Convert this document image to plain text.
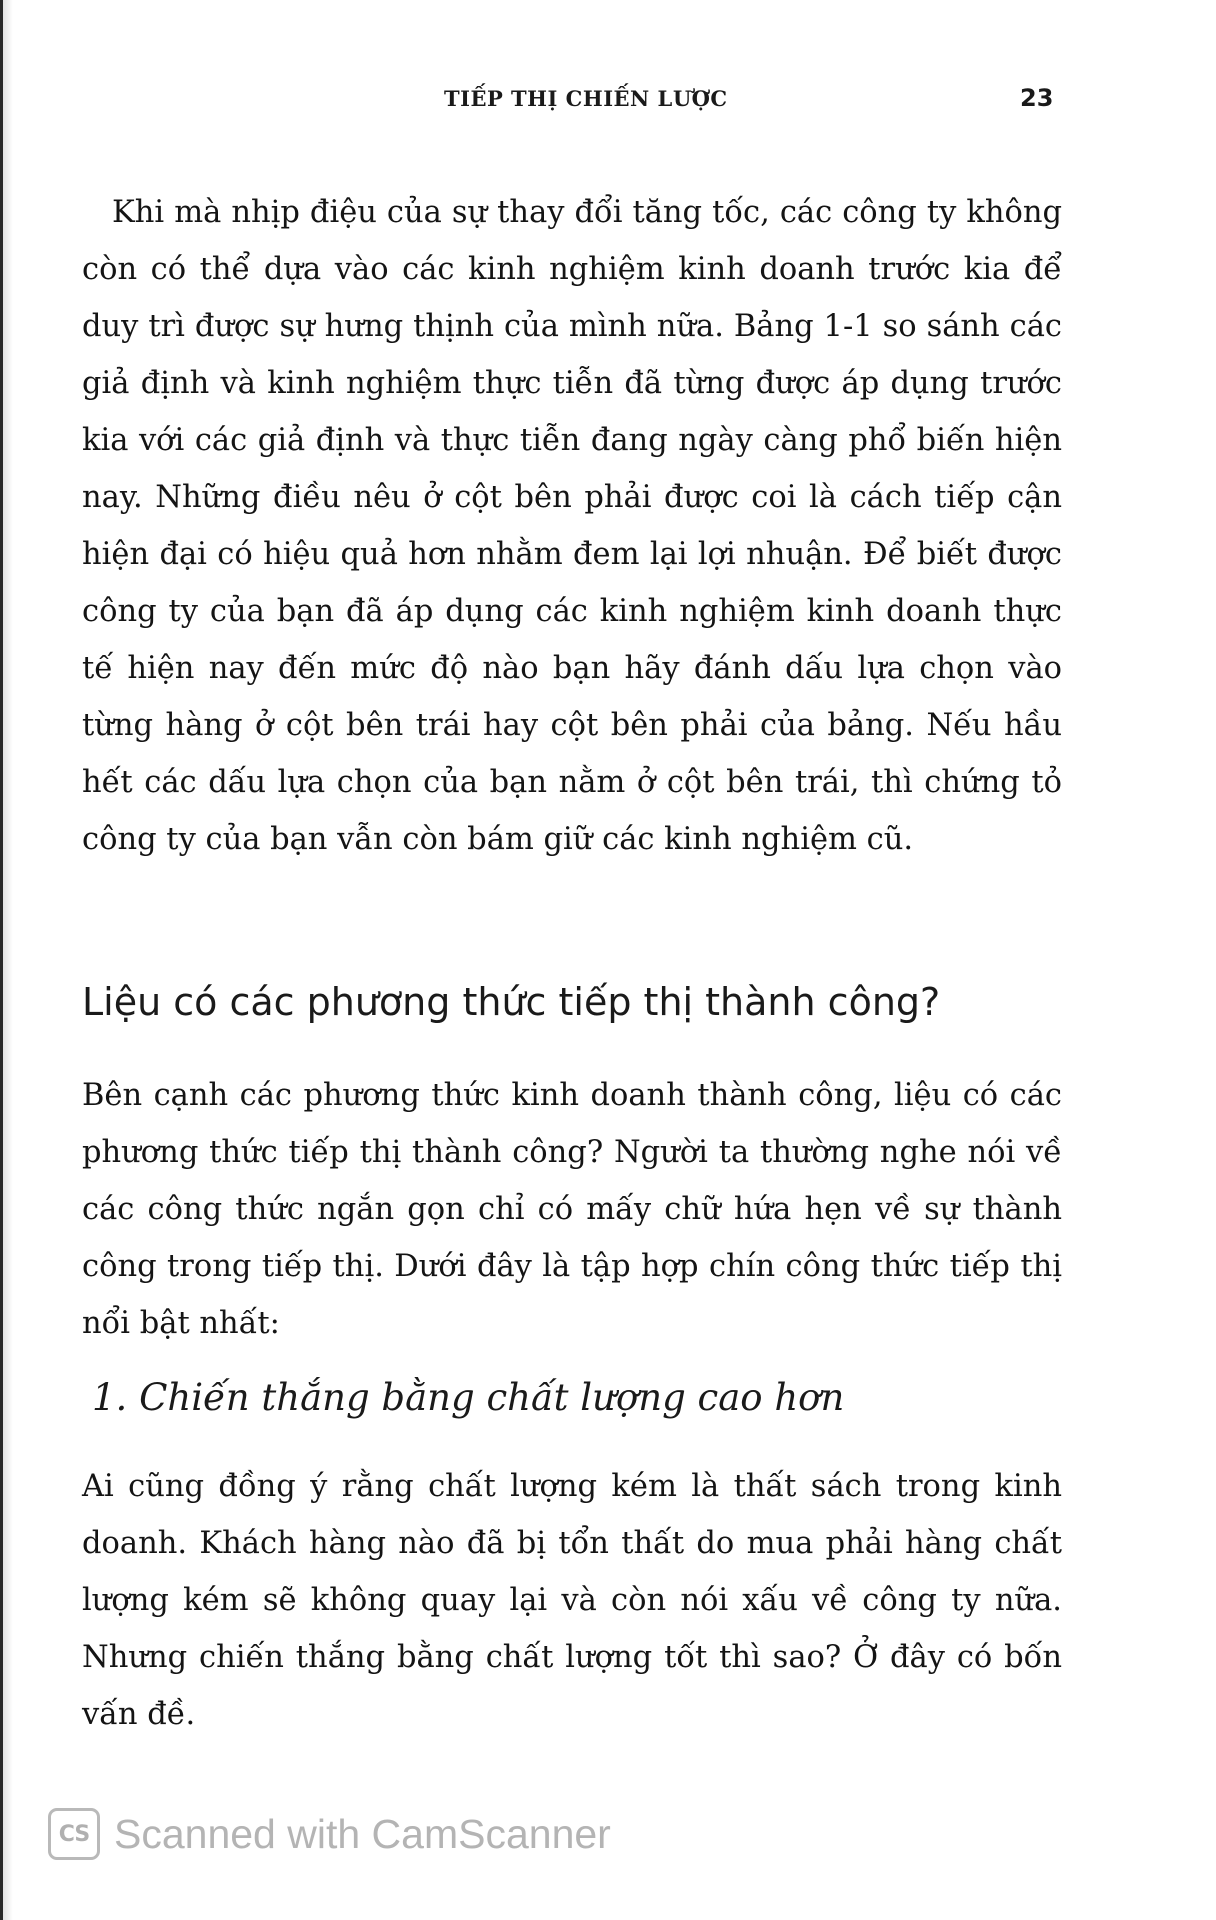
TIẾP THỊ CHIẾN LƯỢC	23

Khi mà nhịp điệu của sự thay đổi tăng tốc, các công ty không còn có thể dựa vào các kinh nghiệm kinh doanh trước kia để duy trì được sự hưng thịnh của mình nữa. Bảng 1-1 so sánh các giả định và kinh nghiệm thực tiễn đã từng được áp dụng trước kia với các giả định và thực tiễn đang ngày càng phổ biến hiện nay. Những điều nêu ở cột bên phải được coi là cách tiếp cận hiện đại có hiệu quả hơn nhằm đem lại lợi nhuận. Để biết được công ty của bạn đã áp dụng các kinh nghiệm kinh doanh thực tế hiện nay đến mức độ nào bạn hãy đánh dấu lựa chọn vào từng hàng ở cột bên trái hay cột bên phải của bảng. Nếu hầu hết các dấu lựa chọn của bạn nằm ở cột bên trái, thì chứng tỏ công ty của bạn vẫn còn bám giữ các kinh nghiệm cũ.

Liệu có các phương thức tiếp thị thành công?

Bên cạnh các phương thức kinh doanh thành công, liệu có các phương thức tiếp thị thành công? Người ta thường nghe nói về các công thức ngắn gọn chỉ có mấy chữ hứa hẹn về sự thành công trong tiếp thị. Dưới đây là tập hợp chín công thức tiếp thị nổi bật nhất:

1. Chiến thắng bằng chất lượng cao hơn

Ai cũng đồng ý rằng chất lượng kém là thất sách trong kinh doanh. Khách hàng nào đã bị tổn thất do mua phải hàng chất lượng kém sẽ không quay lại và còn nói xấu về công ty nữa. Nhưng chiến thắng bằng chất lượng tốt thì sao? Ở đây có bốn vấn đề.

CS Scanned with CamScanner
